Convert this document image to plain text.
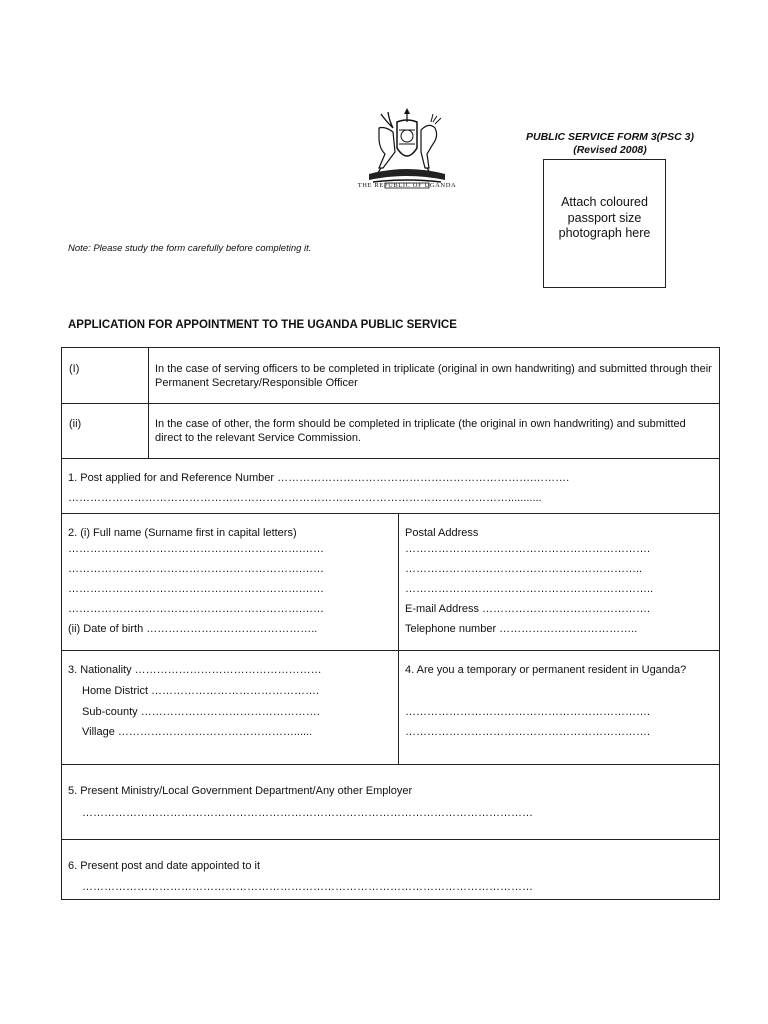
THE REPUBLIC OF UGANDA
PUBLIC SERVICE FORM 3(PSC 3)
(Revised 2008)
Attach coloured passport size photograph here
Note: Please study the form carefully before completing it.
APPLICATION FOR APPOINTMENT TO THE UGANDA PUBLIC SERVICE
(I)	In the case of serving officers to be completed in triplicate (original in own handwriting) and submitted through their Permanent Secretary/Responsible Officer
(ii)	In the case of other, the form should be completed in triplicate (the original in own handwriting) and submitted direct to the relevant Service Commission.
1. Post applied for and Reference Number …………………………………………………………….……….
…………………………………………………………………………………………………………...........
2. (i) Full name (Surname first in capital letters)
……………………………………………………….……
……………………………………………………….……
……………………………………………………….……
……………………………………………………….……
(ii) Date of birth ………………………………………..
Postal Address
………………………………………………………….
………………………………………………………..
…………………………………………………………..
E-mail Address ……………………………………….
Telephone number ………………………………..
3. Nationality ……………………………………………
Home District ……………………………………….
Sub-county ………………………………………….
Village …………………………………………......
4. Are you a temporary or permanent resident in Uganda?
………………………………………………………….
………………………………………………………….
5. Present Ministry/Local Government Department/Any other Employer
……………………………………………………………………………………………………………
6. Present post and date appointed to it
……………………………………………………………………………………………………………
